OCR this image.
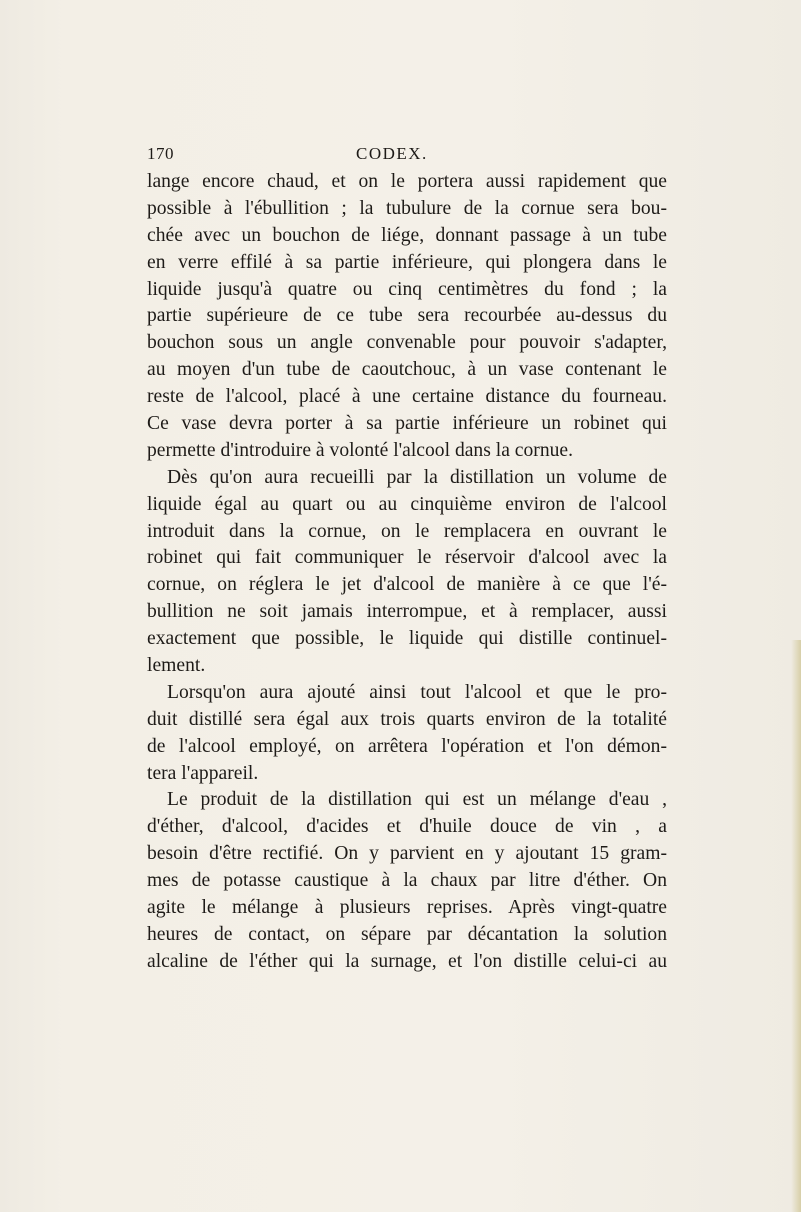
170	CODEX.
lange encore chaud, et on le portera aussi rapidement que
possible à l'ébullition ; la tubulure de la cornue sera bou-
chée avec un bouchon de liége, donnant passage à un tube
en verre effilé à sa partie inférieure, qui plongera dans le
liquide jusqu'à quatre ou cinq centimètres du fond ; la
partie supérieure de ce tube sera recourbée au-dessus du
bouchon sous un angle convenable pour pouvoir s'adapter,
au moyen d'un tube de caoutchouc, à un vase contenant le
reste de l'alcool, placé à une certaine distance du fourneau.
Ce vase devra porter à sa partie inférieure un robinet qui
permette d'introduire à volonté l'alcool dans la cornue.
Dès qu'on aura recueilli par la distillation un volume de
liquide égal au quart ou au cinquième environ de l'alcool
introduit dans la cornue, on le remplacera en ouvrant le
robinet qui fait communiquer le réservoir d'alcool avec la
cornue, on réglera le jet d'alcool de manière à ce que l'é-
bullition ne soit jamais interrompue, et à remplacer, aussi
exactement que possible, le liquide qui distille continuel-
lement.
Lorsqu'on aura ajouté ainsi tout l'alcool et que le pro-
duit distillé sera égal aux trois quarts environ de la totalité
de l'alcool employé, on arrêtera l'opération et l'on démon-
tera l'appareil.
Le produit de la distillation qui est un mélange d'eau ,
d'éther, d'alcool, d'acides et d'huile douce de vin , a
besoin d'être rectifié. On y parvient en y ajoutant 15 gram-
mes de potasse caustique à la chaux par litre d'éther. On
agite le mélange à plusieurs reprises. Après vingt-quatre
heures de contact, on sépare par décantation la solution
alcaline de l'éther qui la surnage, et l'on distille celui-ci au
